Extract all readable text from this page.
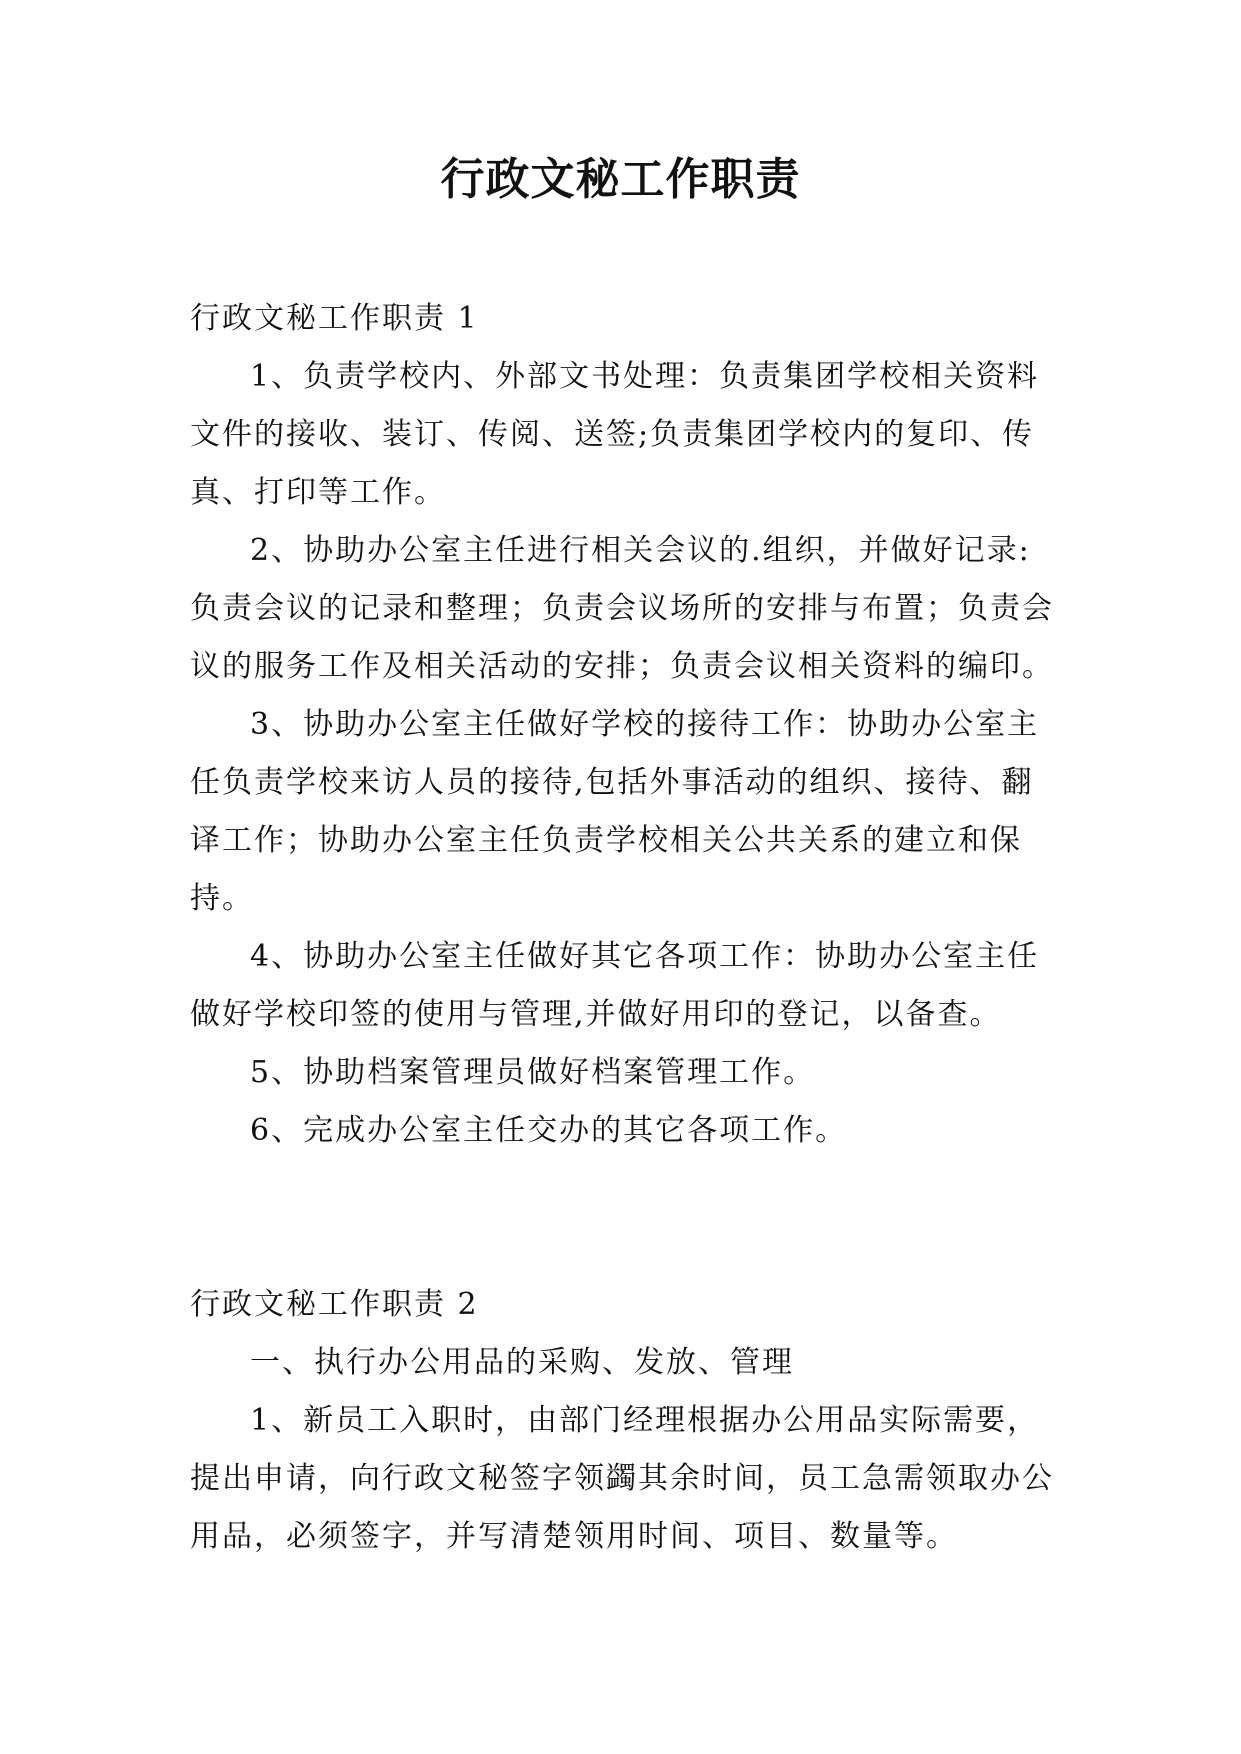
行政文秘工作职责

行政文秘工作职责 1

1、负责学校内、外部文书处理：负责集团学校相关资料文件的接收、装订、传阅、送签;负责集团学校内的复印、传真、打印等工作。

2、协助办公室主任进行相关会议的.组织，并做好记录:负责会议的记录和整理；负责会议场所的安排与布置；负责会议的服务工作及相关活动的安排；负责会议相关资料的编印。

3、协助办公室主任做好学校的接待工作：协助办公室主任负责学校来访人员的接待,包括外事活动的组织、接待、翻译工作；协助办公室主任负责学校相关公共关系的建立和保持。

4、协助办公室主任做好其它各项工作：协助办公室主任做好学校印签的使用与管理,并做好用印的登记，以备查。

5、协助档案管理员做好档案管理工作。

6、完成办公室主任交办的其它各项工作。

行政文秘工作职责 2

一、执行办公用品的采购、发放、管理

1、新员工入职时，由部门经理根据办公用品实际需要，提出申请，向行政文秘签字领蠲其余时间，员工急需领取办公用品，必须签字，并写清楚领用时间、项目、数量等。
